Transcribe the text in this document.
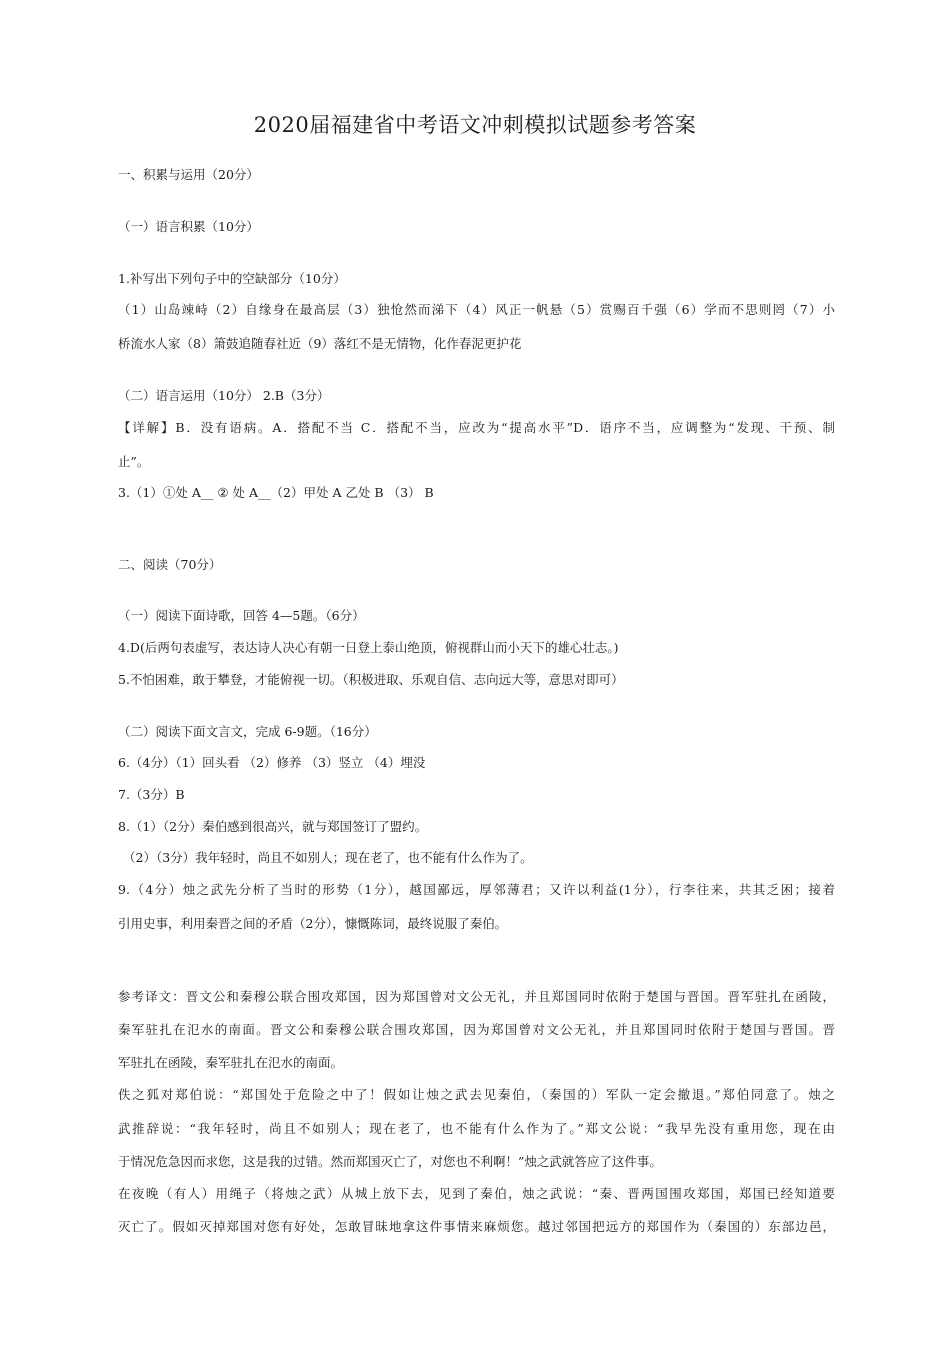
2020届福建省中考语文冲刺模拟试题参考答案
一、积累与运用（20分）
（一）语言积累（10分）
1.补写出下列句子中的空缺部分（10分）
（1）山岛竦峙（2）自缘身在最高层（3）独怆然而涕下（4）风正一帆悬（5）赏赐百千强（6）学而不思则罔（7）小
桥流水人家（8）箫鼓追随春社近（9）落红不是无情物，化作春泥更护花
（二）语言运用（10分） 2.B（3分）
【详解】B．没有语病。A．搭配不当 C．搭配不当，应改为“提高水平”D．语序不当，应调整为“发现、干预、制
止”。
3.（1）①处 A__ ② 处 A__（2）甲处 A 乙处 B （3） B
二、阅读（70分）
（一）阅读下面诗歌，回答 4—5题。（6分）
4.D(后两句表虚写，表达诗人决心有朝一日登上泰山绝顶，俯视群山而小天下的雄心壮志。)
5.不怕困难，敢于攀登，才能俯视一切。（积极进取、乐观自信、志向远大等，意思对即可）
（二）阅读下面文言文，完成 6-9题。（16分）
6.（4分）（1）回头看 （2）修养 （3）竖立 （4）埋没
7.（3分）B
8.（1）（2分）秦伯感到很高兴，就与郑国签订了盟约。
（2）（3分）我年轻时，尚且不如别人；现在老了，也不能有什么作为了。
9.（4分）烛之武先分析了当时的形势（1分），越国鄙远，厚邻薄君；又许以利益(1分），行李往来，共其乏困；接着
引用史事，利用秦晋之间的矛盾（2分），慷慨陈词，最终说服了秦伯。
参考译文：晋文公和秦穆公联合围攻郑国，因为郑国曾对文公无礼，并且郑国同时依附于楚国与晋国。晋军驻扎在函陵，
秦军驻扎在氾水的南面。晋文公和秦穆公联合围攻郑国，因为郑国曾对文公无礼，并且郑国同时依附于楚国与晋国。晋
军驻扎在函陵，秦军驻扎在氾水的南面。
佚之狐对郑伯说：“郑国处于危险之中了！假如让烛之武去见秦伯，（秦国的）军队一定会撤退。”郑伯同意了。烛之
武推辞说：“我年轻时，尚且不如别人；现在老了，也不能有什么作为了。”郑文公说：“我早先没有重用您，现在由
于情况危急因而求您，这是我的过错。然而郑国灭亡了，对您也不利啊！”烛之武就答应了这件事。
在夜晚（有人）用绳子（将烛之武）从城上放下去，见到了秦伯，烛之武说：“秦、晋两国围攻郑国，郑国已经知道要
灭亡了。假如灭掉郑国对您有好处，怎敢冒昧地拿这件事情来麻烦您。越过邻国把远方的郑国作为（秦国的）东部边邑，
